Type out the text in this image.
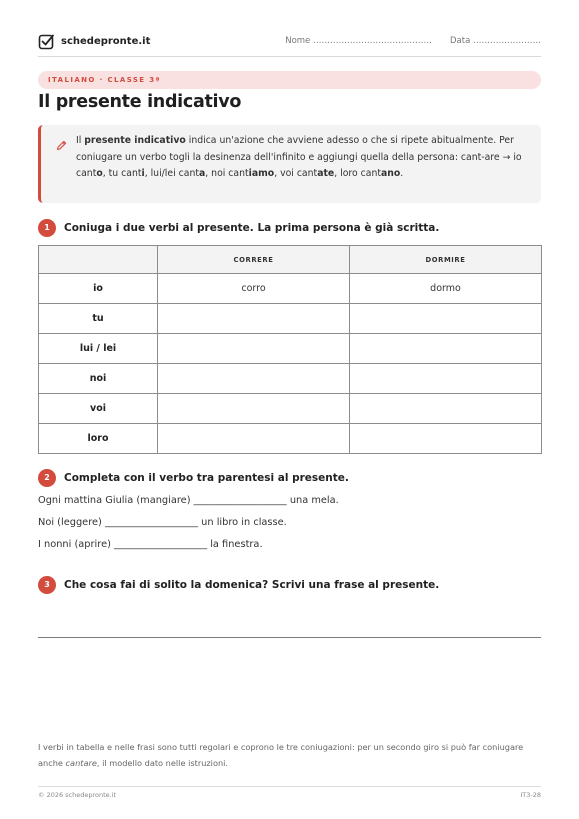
schedepronte.it	Nome …………………………………… Data ……………………
ITALIANO · CLASSE 3ª
Il presente indicativo
Il presente indicativo indica un'azione che avviene adesso o che si ripete abitualmente. Per coniugare un verbo togli la desinenza dell'infinito e aggiungi quella della persona: cant-are → io canto, tu canti, lui/lei canta, noi cantiamo, voi cantate, loro cantano.
1	Coniuga i due verbi al presente. La prima persona è già scritta.
	CORRERE	DORMIRE
io	corro	dormo
tu		
lui / lei		
noi		
voi		
loro		
2	Completa con il verbo tra parentesi al presente.
Ogni mattina Giulia (mangiare) ___________________ una mela.
Noi (leggere) ___________________ un libro in classe.
I nonni (aprire) ___________________ la finestra.
3	Che cosa fai di solito la domenica? Scrivi una frase al presente.
I verbi in tabella e nelle frasi sono tutti regolari e coprono le tre coniugazioni: per un secondo giro si può far coniugare anche cantare, il modello dato nelle istruzioni.
© 2026 schedepronte.it	IT3-28
